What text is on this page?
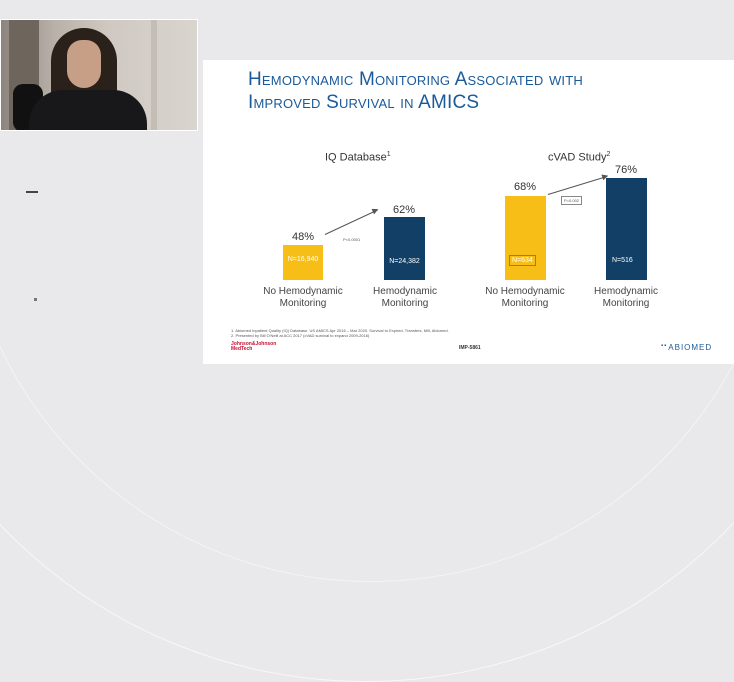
Hemodynamic Monitoring Associated with
Improved Survival in AMICS
IQ Database$^1$
48%
N=16,940
62%
N=24,382
P<0.0001
No Hemodynamic
Monitoring
Hemodynamic
Monitoring
cVAD Study$^2$
68%
N=634
76%
N=516
P=0.002
No Hemodynamic
Monitoring
Hemodynamic
Monitoring
1. Abiomed Inpatient Quality (IQ) Database. US AMICS Apr 2016 – Mar 2020. Survival to Expired, Transfers, Mill, Abiomed.
2. Presented by Bill O'Neill at ACC 2017 (cVAD survival to expand 2009-2016)
Johnson&Johnson
MedTech	IMP-5861	▪▪ABIOMED
